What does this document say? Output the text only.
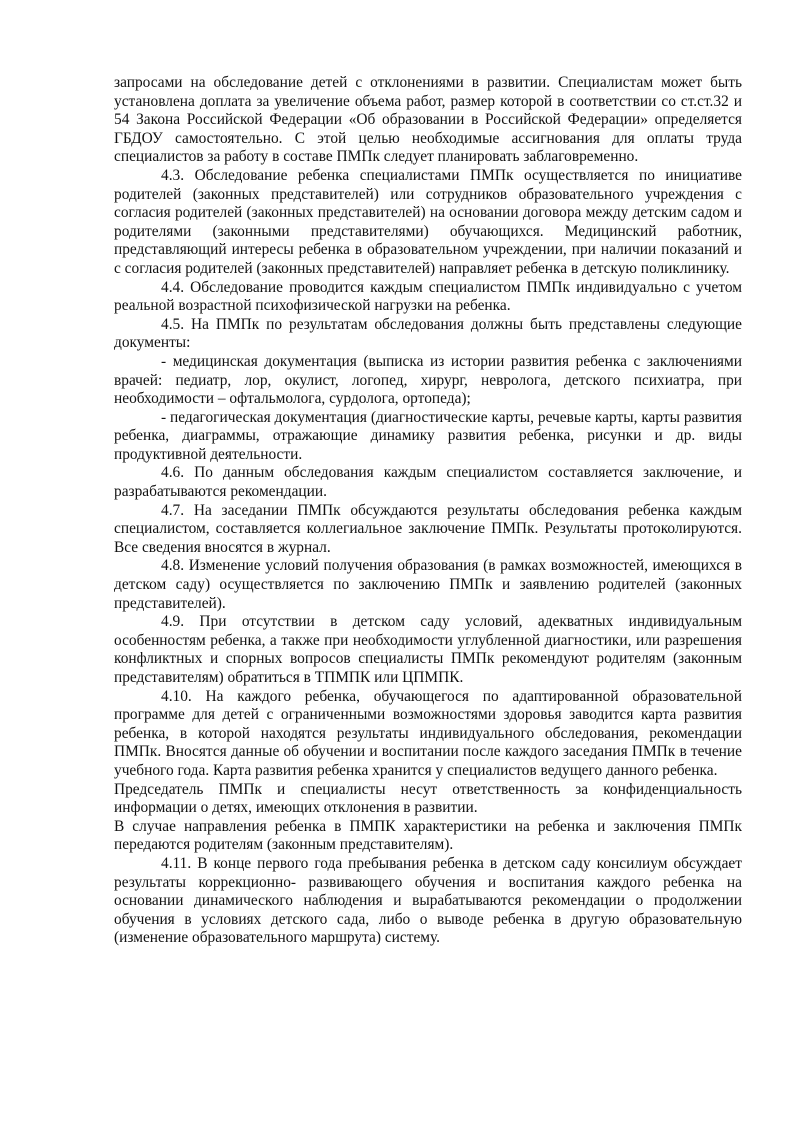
запросами на обследование детей с отклонениями в развитии. Специалистам может быть установлена доплата за увеличение объема работ, размер которой в соответствии со ст.ст.32 и 54 Закона Российской Федерации «Об образовании в Российской Федерации» определяется ГБДОУ самостоятельно. С этой целью необходимые ассигнования для оплаты труда специалистов за работу в составе ПМПк следует планировать заблаговременно.

4.3. Обследование ребенка специалистами ПМПк осуществляется по инициативе родителей (законных представителей) или сотрудников образовательного учреждения с согласия родителей (законных представителей) на основании договора между детским садом и родителями (законными представителями) обучающихся. Медицинский работник, представляющий интересы ребенка в образовательном учреждении, при наличии показаний и с согласия родителей (законных представителей) направляет ребенка в детскую поликлинику.

4.4. Обследование проводится каждым специалистом ПМПк индивидуально с учетом реальной возрастной психофизической нагрузки на ребенка.

4.5. На ПМПк по результатам обследования должны быть представлены следующие документы:

- медицинская документация (выписка из истории развития ребенка с заключениями врачей: педиатр, лор, окулист, логопед, хирург, невролога, детского психиатра, при необходимости – офтальмолога, сурдолога, ортопеда);

- педагогическая документация (диагностические карты, речевые карты, карты развития ребенка, диаграммы, отражающие динамику развития ребенка, рисунки и др. виды продуктивной деятельности.

4.6. По данным обследования каждым специалистом составляется заключение, и разрабатываются рекомендации.

4.7. На заседании ПМПк обсуждаются результаты обследования ребенка каждым специалистом, составляется коллегиальное заключение ПМПк. Результаты протоколируются. Все сведения вносятся в журнал.

4.8. Изменение условий получения образования (в рамках возможностей, имеющихся в детском саду) осуществляется по заключению ПМПк и заявлению родителей (законных представителей).

4.9. При отсутствии в детском саду условий, адекватных индивидуальным особенностям ребенка, а также при необходимости углубленной диагностики, или разрешения конфликтных и спорных вопросов специалисты ПМПк рекомендуют родителям (законным представителям) обратиться в ТПМПК или ЦПМПК.

4.10. На каждого ребенка, обучающегося по адаптированной образовательной программе для детей с ограниченными возможностями здоровья заводится карта развития ребенка, в которой находятся результаты индивидуального обследования, рекомендации ПМПк. Вносятся данные об обучении и воспитании после каждого заседания ПМПк в течение учебного года. Карта развития ребенка хранится у специалистов ведущего данного ребенка.

Председатель ПМПк и специалисты несут ответственность за конфиденциальность информации о детях, имеющих отклонения в развитии.

В случае направления ребенка в ПМПК характеристики на ребенка и заключения ПМПк передаются родителям (законным представителям).

4.11. В конце первого года пребывания ребенка в детском саду консилиум обсуждает результаты коррекционно- развивающего обучения и воспитания каждого ребенка на основании динамического наблюдения и вырабатываются рекомендации о продолжении обучения в условиях детского сада, либо о выводе ребенка в другую образовательную (изменение образовательного маршрута) систему.
